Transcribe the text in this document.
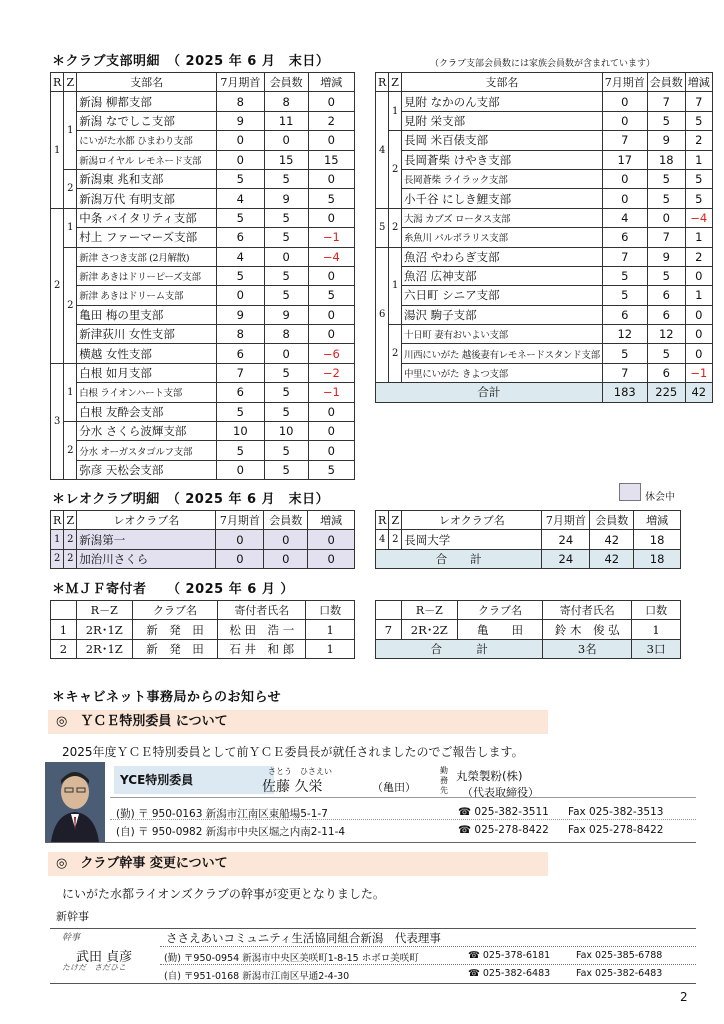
＊クラブ支部明細　（ 2025 年 6 月　末日）	（クラブ支部会員数には家族会員数が含まれています）
R	Z	支部名	7月期首	会員数	増減
1	1	新潟 柳都支部	8	8	0
		新潟 なでしこ支部	9	11	2
		にいがた水都 ひまわり支部	0	0	0
		新潟ロイヤル レモネード支部	0	15	15
	2	新潟東 兆和支部	5	5	0
		新潟万代 有明支部	4	9	5
2	1	中条 バイタリティ支部	5	5	0
		村上 ファーマーズ支部	6	5	−1
	2	新津 さつき支部 (2月解散)	4	0	−4
		新津 あきはドリーピーズ支部	5	5	0
		新津 あきはドリーム支部	0	5	5
		亀田 梅の里支部	9	9	0
		新津荻川 女性支部	8	8	0
		横越 女性支部	6	0	−6
3	1	白根 如月支部	7	5	−2
		白根 ライオンハート支部	6	5	−1
		白根 友酔会支部	5	5	0
	2	分水 さくら波輝支部	10	10	0
		分水 オーガスタゴルフ支部	5	5	0
		弥彦 天松会支部	0	5	5
R	Z	支部名	7月期首	会員数	増減
4	1	見附 なかのん支部	0	7	7
		見附 栄支部	0	5	5
	2	長岡 米百俵支部	7	9	2
		長岡蒼柴 けやき支部	17	18	1
		長岡蒼柴 ライラック支部	0	5	5
		小千谷 にしき鯉支部	0	5	5
5	2	大潟 カブズ ロータス支部	4	0	−4
		糸魚川 パルポラリス支部	6	7	1
6	1	魚沼 やわらぎ支部	7	9	2
		魚沼 広神支部	5	5	0
		六日町 シニア支部	5	6	1
		湯沢 駒子支部	6	6	0
	2	十日町 妻有おいよい支部	12	12	0
		川西にいがた 越後妻有レモネードスタンド支部	5	5	0
		中里にいがた きよつ支部	7	6	−1
合計			183	225	42
＊レオクラブ明細　（ 2025 年 6 月　末日）	休会中
R	Z	レオクラブ名	7月期首	会員数	増減
1	2	新潟第一	0	0	0
2	2	加治川さくら	0	0	0
R	Z	レオクラブ名	7月期首	会員数	増減
4	2	長岡大学	24	42	18
合　　計			24	42	18
＊ＭＪＦ寄付者　　（ 2025 年 6 月 ）
	R－Z	クラブ名	寄付者氏名	口数
1	2R･1Z	新　発　田	松 田　浩 一	1
2	2R･1Z	新　発　田	石 井　和 郎	1
	R－Z	クラブ名	寄付者氏名	口数
7	2R･2Z	亀　　田	鈴 木　俊 弘	1
合　　　計			3名	3口
＊キャビネット事務局からのお知らせ
◎　ＹＣＥ特別委員 について
2025年度ＹＣＥ特別委員として前ＹＣＥ委員長が就任されましたのでご報告します。
YCE特別委員
さとう　ひさえい
佐藤 久栄	（亀田）
勤務先
丸榮製粉(株)
（代表取締役）
(勤) 〒 950-0163 新潟市江南区東船場5-1-7	☎ 025-382-3511 Fax 025-382-3513
(自) 〒 950-0982 新潟市中央区堀之内南2-11-4	☎ 025-278-8422 Fax 025-278-8422
◎　クラブ幹事 変更について
にいがた水都ライオンズクラブの幹事が変更となりました。
新幹事
幹事
武田 貞彦
たけだ　さだひこ
ささえあいコミュニティ生活協同組合新潟　代表理事
(勤) 〒950-0954 新潟市中央区美咲町1-8-15 ホボロ美咲町	☎ 025-378-6181	Fax 025-385-6788
(自) 〒951-0168 新潟市江南区早通2-4-30	☎ 025-382-6483	Fax 025-382-6483
2
